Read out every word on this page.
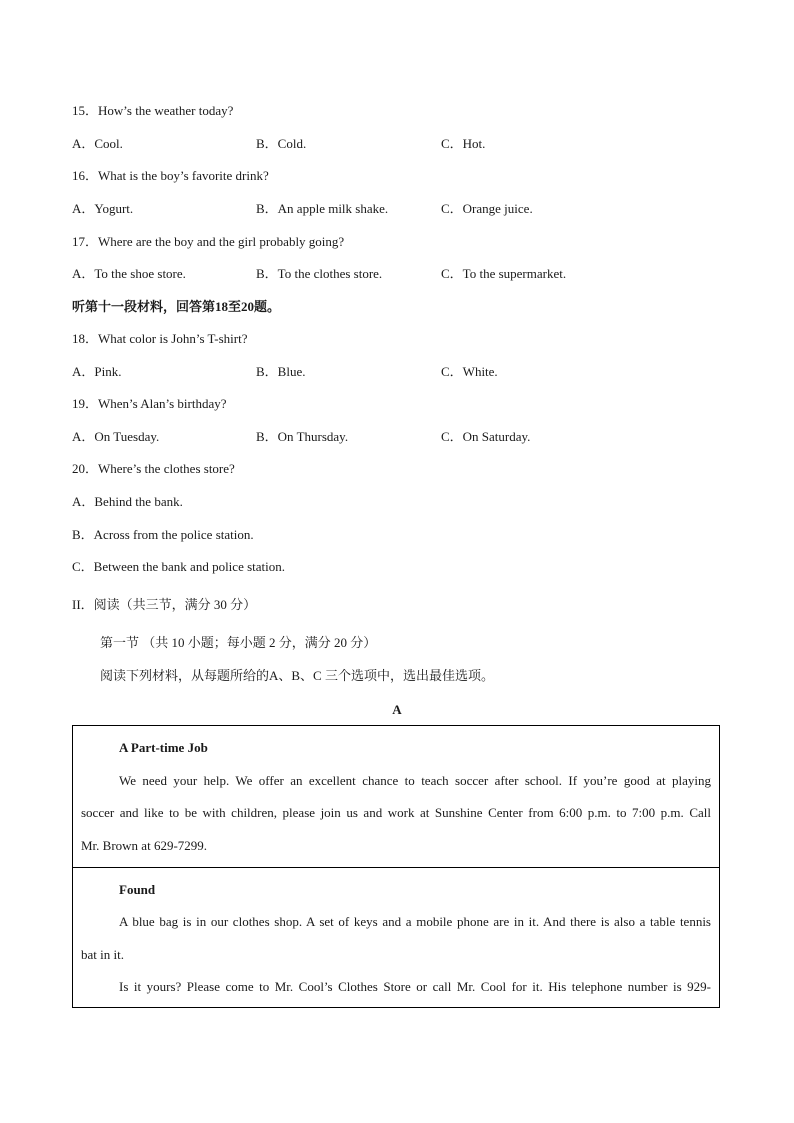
15．How’s the weather today?
A．Cool.	B．Cold.	C．Hot.
16．What is the boy’s favorite drink?
A．Yogurt.	B．An apple milk shake.	C．Orange juice.
17．Where are the boy and the girl probably going?
A．To the shoe store.	B．To the clothes store.	C．To the supermarket.
听第十一段材料，回答第18至20题。
18．What color is John’s T-shirt?
A．Pink.	B．Blue.	C．White.
19．When’s Alan’s birthday?
A．On Tuesday.	B．On Thursday.	C．On Saturday.
20．Where’s the clothes store?
A．Behind the bank.
B．Across from the police station.
C．Between the bank and police station.
II．阅读（共三节，满分 30 分）
第一节 （共 10 小题；每小题 2 分，满分 20 分）
阅读下列材料，从每题所给的A、B、C 三个选项中，选出最佳选项。
A
A Part-time Job
We need your help. We offer an excellent chance to teach soccer after school. If you’re good at playing
soccer and like to be with children, please join us and work at Sunshine Center from 6:00 p.m. to 7:00 p.m. Call
Mr. Brown at 629-7299.
Found
A blue bag is in our clothes shop. A set of keys and a mobile phone are in it. And there is also a table tennis
bat in it.
Is it yours? Please come to Mr. Cool’s Clothes Store or call Mr. Cool for it. His telephone number is 929-
